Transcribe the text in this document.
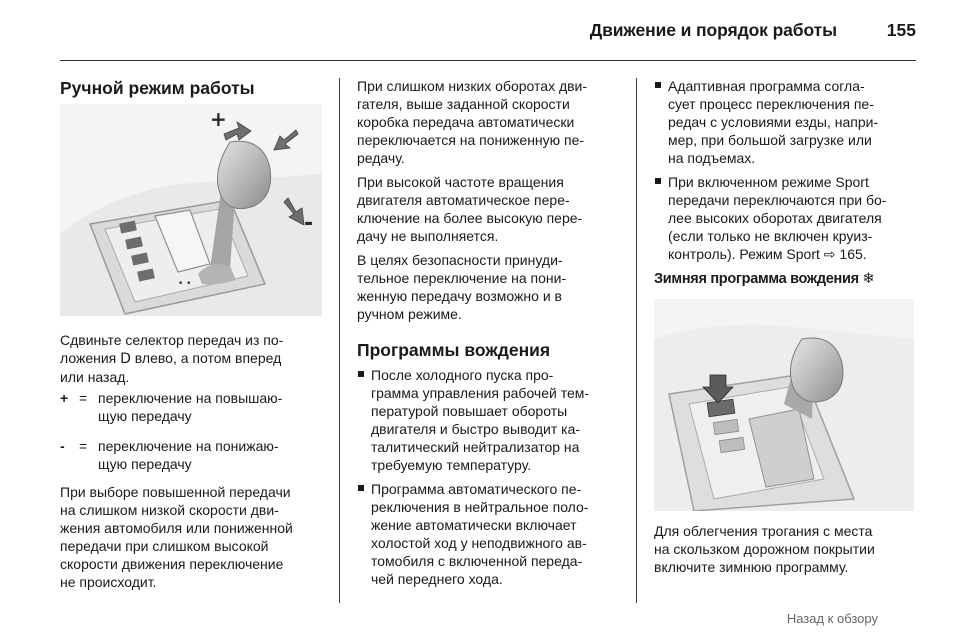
Движение и порядок работы	155
Ручной режим работы
+
-
• •
Сдвиньте селектор передач из по-
ложения D влево, а потом вперед
или назад.
+ = переключение на повышаю-
щую передачу
- = переключение на понижаю-
щую передачу
При выборе повышенной передачи
на слишком низкой скорости дви-
жения автомобиля или пониженной
передачи при слишком высокой
скорости движения переключение
не происходит.

При слишком низких оборотах дви-
гателя, выше заданной скорости
коробка передача автоматически
переключается на пониженную пе-
редачу.

При высокой частоте вращения
двигателя автоматическое пере-
ключение на более высокую пере-
дачу не выполняется.

В целях безопасности принуди-
тельное переключение на пони-
женную передачу возможно и в
ручном режиме.

Программы вождения

После холодного пуска про-
грамма управления рабочей тем-
пературой повышает обороты
двигателя и быстро выводит ка-
талитический нейтрализатор на
требуемую температуру.

Программа автоматического пе-
реключения в нейтральное поло-
жение автоматически включает
холостой ход у неподвижного ав-
томобиля с включенной переда-
чей переднего хода.

Адаптивная программа согла-
сует процесс переключения пе-
редач с условиями езды, напри-
мер, при большой загрузке или
на подъемах.

При включенном режиме Sport
передачи переключаются при бо-
лее высоких оборотах двигателя
(если только не включен круиз-
контроль). Режим Sport ⇨ 165.

Зимняя программа вождения ❄
Для облегчения трогания с места
на скользком дорожном покрытии
включите зимнюю программу.
Назад к обзору
